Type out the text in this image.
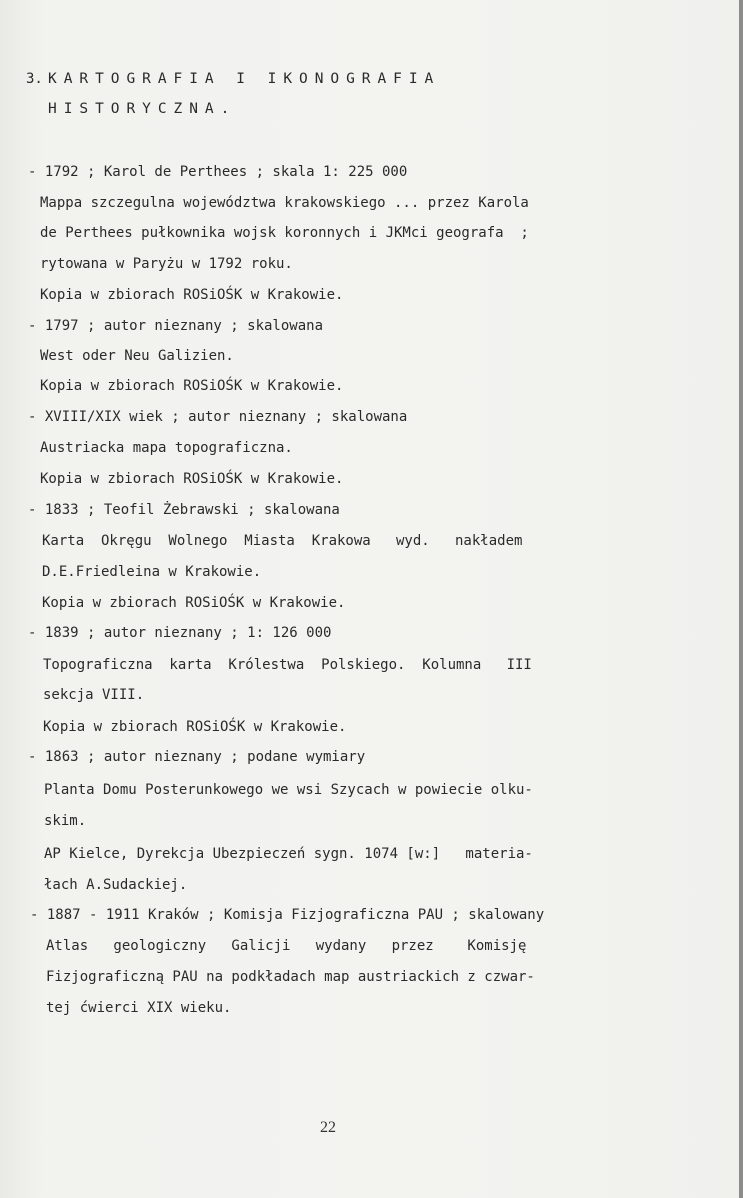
3. KARTOGRAFIA I IKONOGRAFIA
HISTORYCZNA.
- 1792 ; Karol de Perthees ; skala 1: 225 000
Mappa szczegulna województwa krakowskiego ... przez Karola
de Perthees pułkownika wojsk koronnych i JKMci geografa  ;
rytowana w Paryżu w 1792 roku.
Kopia w zbiorach ROSiOŚK w Krakowie.
- 1797 ; autor nieznany ; skalowana
West oder Neu Galizien.
Kopia w zbiorach ROSiOŚK w Krakowie.
- XVIII/XIX wiek ; autor nieznany ; skalowana
Austriacka mapa topograficzna.
Kopia w zbiorach ROSiOŚK w Krakowie.
- 1833 ; Teofil Żebrawski ; skalowana
Karta  Okręgu  Wolnego  Miasta  Krakowa   wyd.   nakładem
D.E.Friedleina w Krakowie.
Kopia w zbiorach ROSiOŚK w Krakowie.
- 1839 ; autor nieznany ; 1: 126 000
Topograficzna  karta  Królestwa  Polskiego.  Kolumna   III
sekcja VIII.
Kopia w zbiorach ROSiOŚK w Krakowie.
- 1863 ; autor nieznany ; podane wymiary
Planta Domu Posterunkowego we wsi Szycach w powiecie olku-
skim.
AP Kielce, Dyrekcja Ubezpieczeń sygn. 1074 [w:]   materia-
łach A.Sudackiej.
- 1887 - 1911 Kraków ; Komisja Fizjograficzna PAU ; skalowany
Atlas   geologiczny   Galicji   wydany   przez    Komisję
Fizjograficzną PAU na podkładach map austriackich z czwar-
tej ćwierci XIX wieku.
22
